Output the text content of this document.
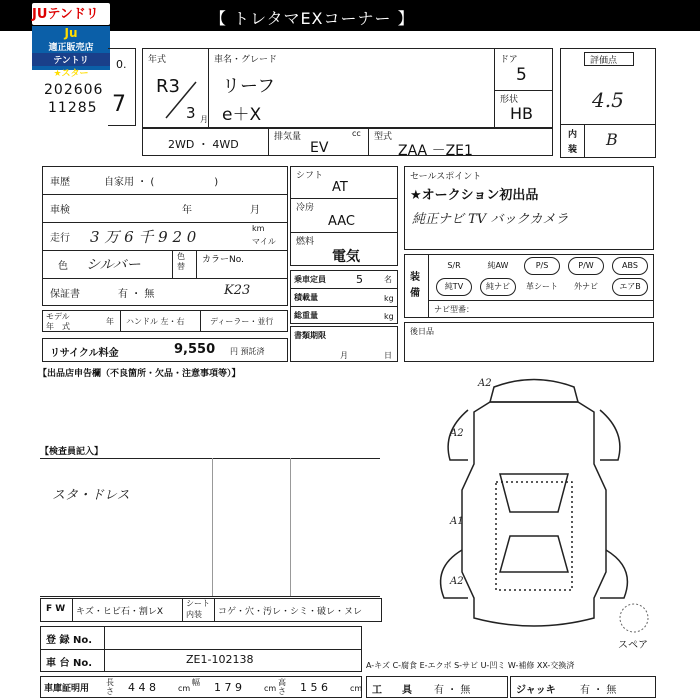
JUテンドリ	【 トレタマEXコーナー 】
Ju
適正販売店
テントリ
★スター
202606
11285
0.
7
年式
R3
3 月
車名・グレード
リーフ
e＋X
ドア
5
形状
HB
2WD ・ 4WD
排気量	cc
EV
型式
ZAA －ZE1
評価点
4.5
内
装
B
車歴	自家用 ・ (　　　　　　)
車検	年	月
走行 3 万 6 千 9 2 0	km
マイル
色 シルバー
色替
カラーNo.
保証書	有 ・ 無	K23
モデル
年　式
年 ハンドル 左・右	ディーラー・並行
リサイクル料金	9,550 円 預託済
シフト
AT
冷房
AAC
燃料
電気
乗車定員	5	名
積載量	kg
総重量	kg
書類期限
月	日
セールスポイント
★オークション初出品
純正ナビ TV バックカメラ
装
備
S/R	純AW	P/S	P/W	ABS
純TV	純ナビ	革シート	外ナビ	エアB
ナビ型番：
後日品
【出品店申告欄（不良箇所・欠品・注意事項等）】
【検査員記入】
スタ・ドレス
A2
A2
A1
A2
スペア
F W キズ・ヒビ石・割レX
シート
内装 コゲ・穴・汚レ・シミ・破レ・ヌレ
登 録 No.
車 台 No.	ZE1-102138
車庫証明用
長さ 4 4 8	cm
幅 1 7 9	cm
高さ 1 5 6	cm
A-キズ C-腐食 E-エクボ S-サビ U-凹ミ W-補修 XX-交換済
工　　具 有 ・ 無	ジャッキ 有 ・ 無
